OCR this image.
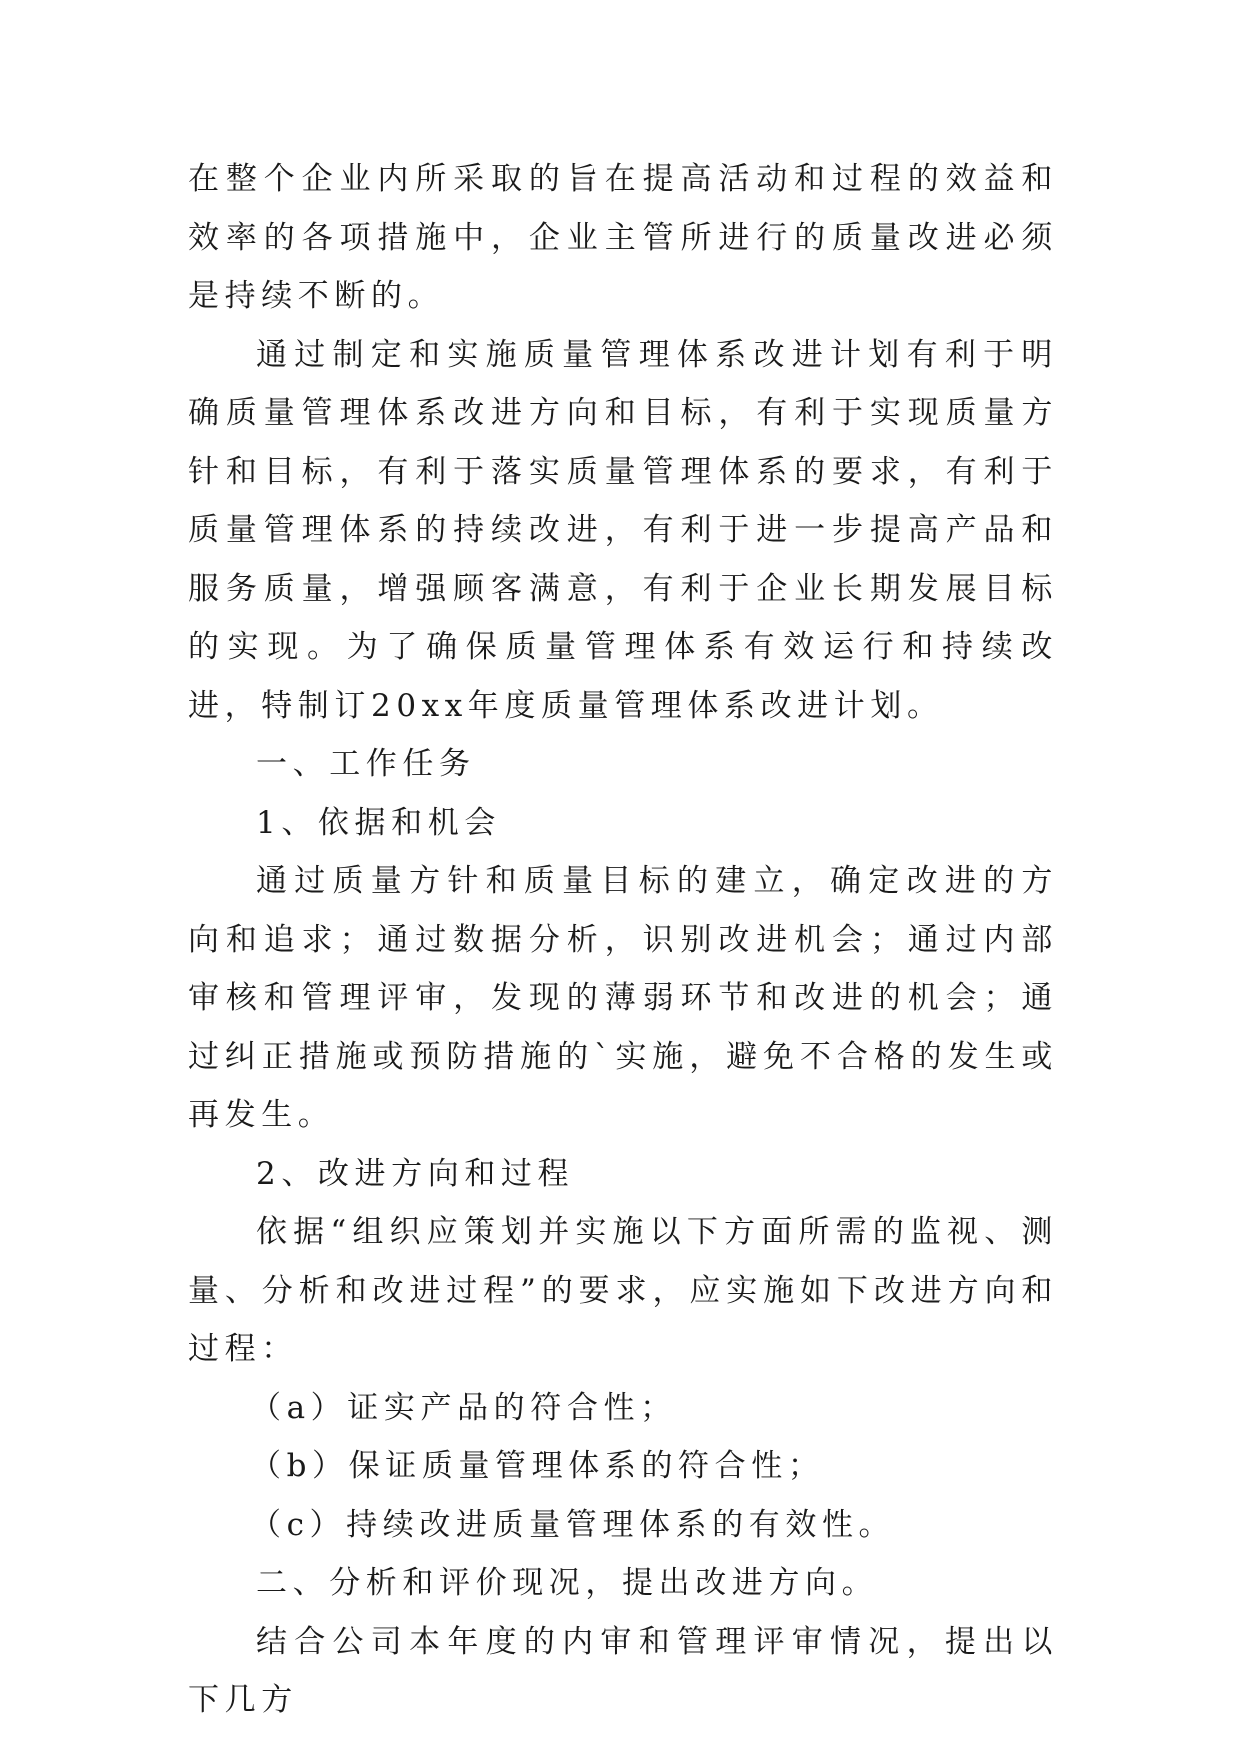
在整个企业内所采取的旨在提高活动和过程的效益和效率的各项措施中，企业主管所进行的质量改进必须是持续不断的。

通过制定和实施质量管理体系改进计划有利于明确质量管理体系改进方向和目标，有利于实现质量方针和目标，有利于落实质量管理体系的要求，有利于质量管理体系的持续改进，有利于进一步提高产品和服务质量，增强顾客满意，有利于企业长期发展目标的实现。为了确保质量管理体系有效运行和持续改进，特制订20xx年度质量管理体系改进计划。

一、工作任务

1、依据和机会

通过质量方针和质量目标的建立，确定改进的方向和追求；通过数据分析，识别改进机会；通过内部审核和管理评审，发现的薄弱环节和改进的机会；通过纠正措施或预防措施的`实施，避免不合格的发生或再发生。

2、改进方向和过程

依据“组织应策划并实施以下方面所需的监视、测量、分析和改进过程”的要求，应实施如下改进方向和过程：

（a）证实产品的符合性；

（b）保证质量管理体系的符合性；

（c）持续改进质量管理体系的有效性。

二、分析和评价现况，提出改进方向。

结合公司本年度的内审和管理评审情况，提出以下几方
